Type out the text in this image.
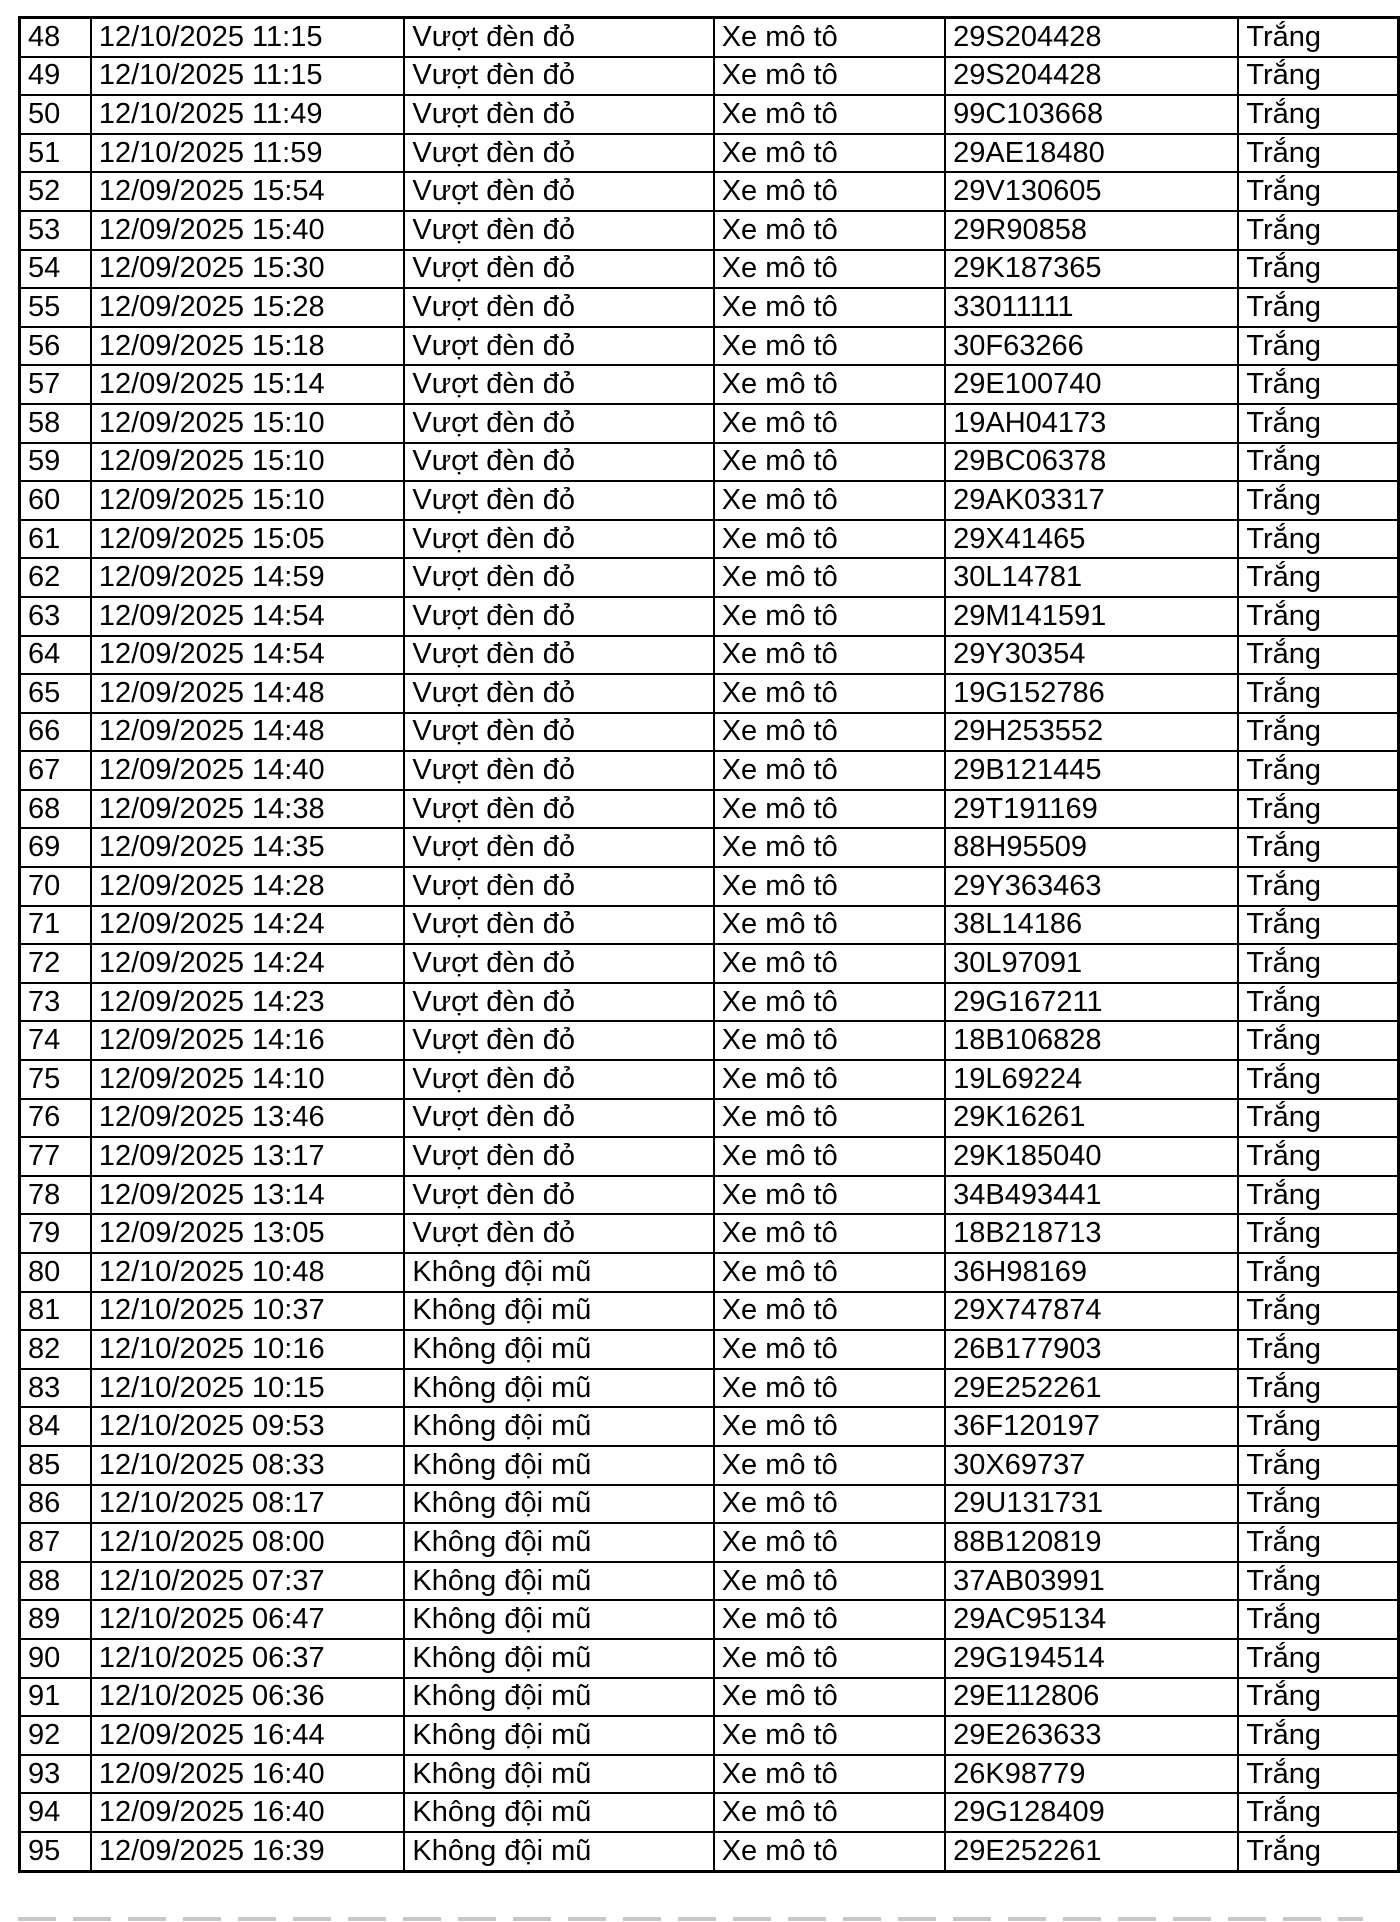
48	12/10/2025 11:15	Vượt đèn đỏ	Xe mô tô	29S204428	Trắng
49	12/10/2025 11:15	Vượt đèn đỏ	Xe mô tô	29S204428	Trắng
50	12/10/2025 11:49	Vượt đèn đỏ	Xe mô tô	99C103668	Trắng
51	12/10/2025 11:59	Vượt đèn đỏ	Xe mô tô	29AE18480	Trắng
52	12/09/2025 15:54	Vượt đèn đỏ	Xe mô tô	29V130605	Trắng
53	12/09/2025 15:40	Vượt đèn đỏ	Xe mô tô	29R90858	Trắng
54	12/09/2025 15:30	Vượt đèn đỏ	Xe mô tô	29K187365	Trắng
55	12/09/2025 15:28	Vượt đèn đỏ	Xe mô tô	33011111	Trắng
56	12/09/2025 15:18	Vượt đèn đỏ	Xe mô tô	30F63266	Trắng
57	12/09/2025 15:14	Vượt đèn đỏ	Xe mô tô	29E100740	Trắng
58	12/09/2025 15:10	Vượt đèn đỏ	Xe mô tô	19AH04173	Trắng
59	12/09/2025 15:10	Vượt đèn đỏ	Xe mô tô	29BC06378	Trắng
60	12/09/2025 15:10	Vượt đèn đỏ	Xe mô tô	29AK03317	Trắng
61	12/09/2025 15:05	Vượt đèn đỏ	Xe mô tô	29X41465	Trắng
62	12/09/2025 14:59	Vượt đèn đỏ	Xe mô tô	30L14781	Trắng
63	12/09/2025 14:54	Vượt đèn đỏ	Xe mô tô	29M141591	Trắng
64	12/09/2025 14:54	Vượt đèn đỏ	Xe mô tô	29Y30354	Trắng
65	12/09/2025 14:48	Vượt đèn đỏ	Xe mô tô	19G152786	Trắng
66	12/09/2025 14:48	Vượt đèn đỏ	Xe mô tô	29H253552	Trắng
67	12/09/2025 14:40	Vượt đèn đỏ	Xe mô tô	29B121445	Trắng
68	12/09/2025 14:38	Vượt đèn đỏ	Xe mô tô	29T191169	Trắng
69	12/09/2025 14:35	Vượt đèn đỏ	Xe mô tô	88H95509	Trắng
70	12/09/2025 14:28	Vượt đèn đỏ	Xe mô tô	29Y363463	Trắng
71	12/09/2025 14:24	Vượt đèn đỏ	Xe mô tô	38L14186	Trắng
72	12/09/2025 14:24	Vượt đèn đỏ	Xe mô tô	30L97091	Trắng
73	12/09/2025 14:23	Vượt đèn đỏ	Xe mô tô	29G167211	Trắng
74	12/09/2025 14:16	Vượt đèn đỏ	Xe mô tô	18B106828	Trắng
75	12/09/2025 14:10	Vượt đèn đỏ	Xe mô tô	19L69224	Trắng
76	12/09/2025 13:46	Vượt đèn đỏ	Xe mô tô	29K16261	Trắng
77	12/09/2025 13:17	Vượt đèn đỏ	Xe mô tô	29K185040	Trắng
78	12/09/2025 13:14	Vượt đèn đỏ	Xe mô tô	34B493441	Trắng
79	12/09/2025 13:05	Vượt đèn đỏ	Xe mô tô	18B218713	Trắng
80	12/10/2025 10:48	Không đội mũ	Xe mô tô	36H98169	Trắng
81	12/10/2025 10:37	Không đội mũ	Xe mô tô	29X747874	Trắng
82	12/10/2025 10:16	Không đội mũ	Xe mô tô	26B177903	Trắng
83	12/10/2025 10:15	Không đội mũ	Xe mô tô	29E252261	Trắng
84	12/10/2025 09:53	Không đội mũ	Xe mô tô	36F120197	Trắng
85	12/10/2025 08:33	Không đội mũ	Xe mô tô	30X69737	Trắng
86	12/10/2025 08:17	Không đội mũ	Xe mô tô	29U131731	Trắng
87	12/10/2025 08:00	Không đội mũ	Xe mô tô	88B120819	Trắng
88	12/10/2025 07:37	Không đội mũ	Xe mô tô	37AB03991	Trắng
89	12/10/2025 06:47	Không đội mũ	Xe mô tô	29AC95134	Trắng
90	12/10/2025 06:37	Không đội mũ	Xe mô tô	29G194514	Trắng
91	12/10/2025 06:36	Không đội mũ	Xe mô tô	29E112806	Trắng
92	12/09/2025 16:44	Không đội mũ	Xe mô tô	29E263633	Trắng
93	12/09/2025 16:40	Không đội mũ	Xe mô tô	26K98779	Trắng
94	12/09/2025 16:40	Không đội mũ	Xe mô tô	29G128409	Trắng
95	12/09/2025 16:39	Không đội mũ	Xe mô tô	29E252261	Trắng
